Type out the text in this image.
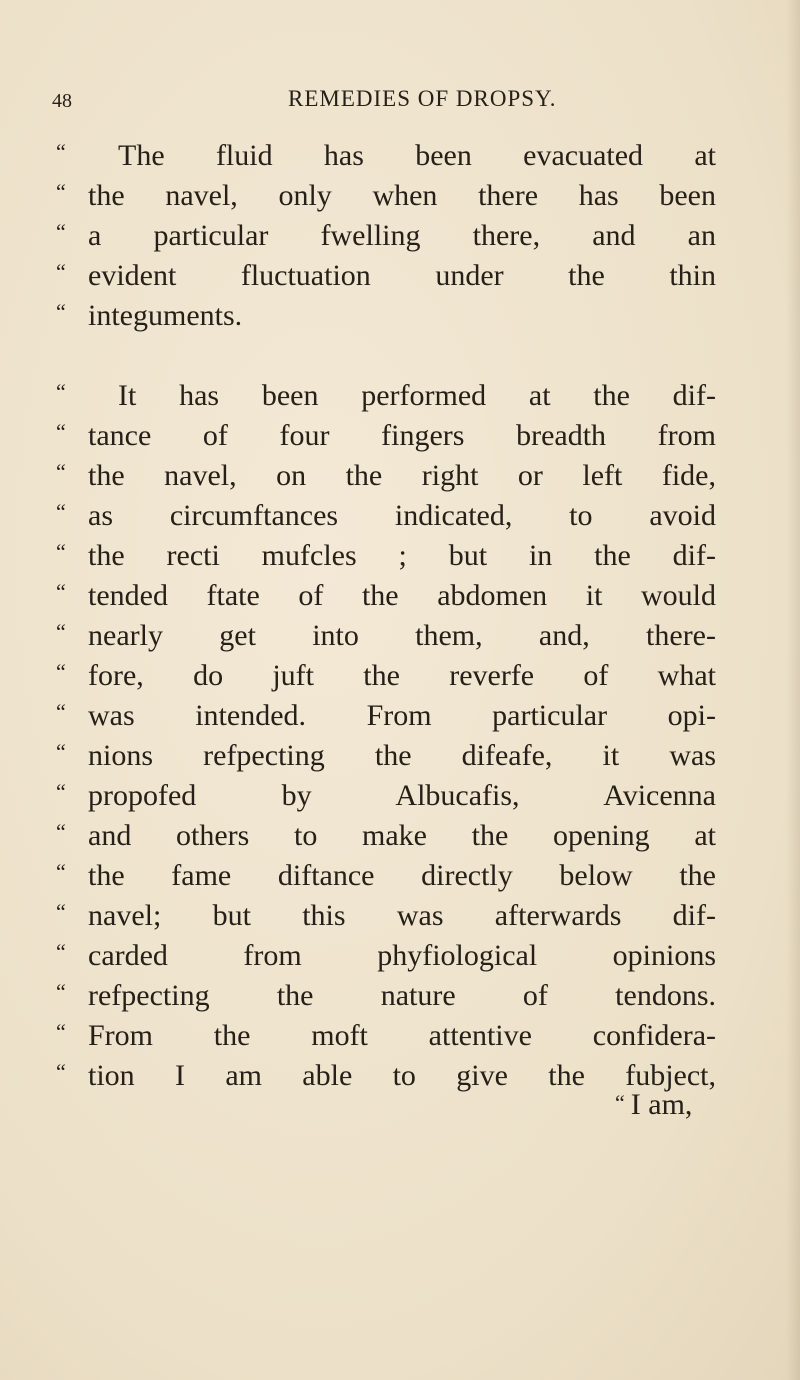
48	REMEDIES OF DROPSY.
“ The fluid has been evacuated at
“ the navel, only when there has been
“ a particular fwelling there, and an
“ evident fluctuation under the thin
“ integuments.
“ It has been performed at the dif-
“ tance of four fingers breadth from
“ the navel, on the right or left fide,
“ as circumftances indicated, to avoid
“ the recti mufcles ; but in the dif-
“ tended ftate of the abdomen it would
“ nearly get into them, and, there-
“ fore, do juft the reverfe of what
“ was intended. From particular opi-
“ nions refpecting the difeafe, it was
“ propofed by Albucafis, Avicenna
“ and others to make the opening at
“ the fame diftance directly below the
“ navel; but this was afterwards dif-
“ carded from phyfiological opinions
“ refpecting the nature of tendons.
“ From the moft attentive confidera-
“ tion I am able to give the fubject,
“ I am,
